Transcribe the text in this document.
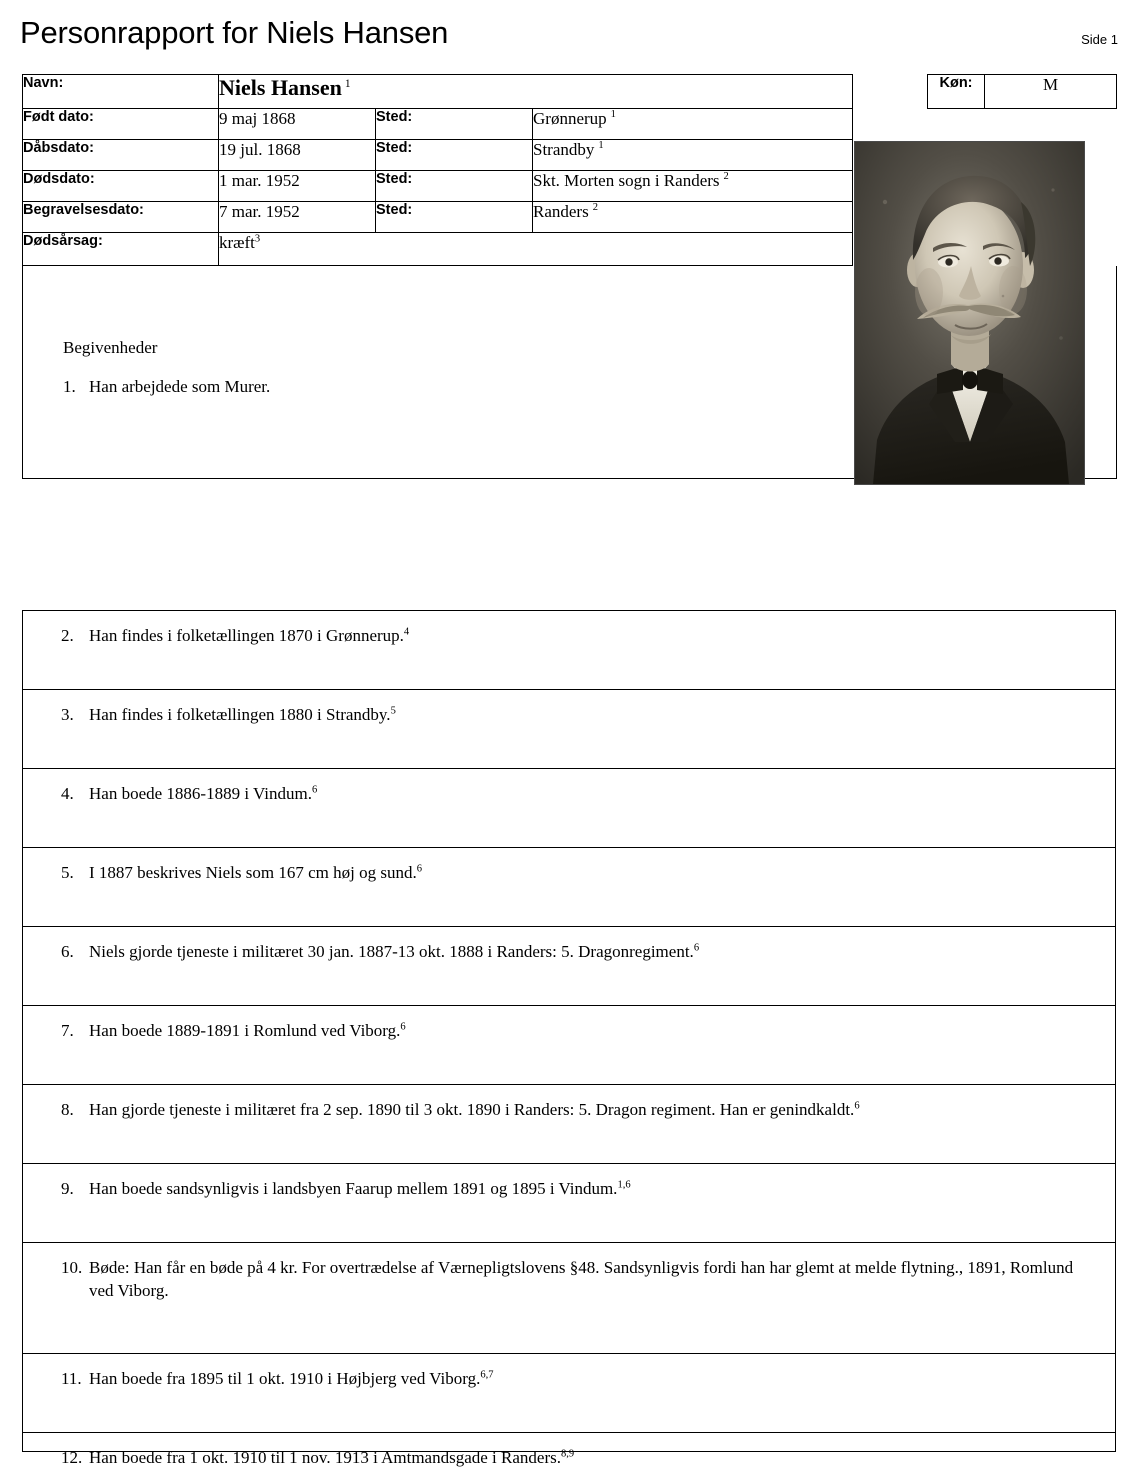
Personrapport for Niels Hansen	Side 1
Navn:	Niels Hansen $^1$				Køn:	M
Født dato:	9 maj 1868	Sted:	Grønnerup $^1$	

Dåbsdato:	19 jul. 1868	Sted:	Strandby $^1$
Dødsdato:	1 mar. 1952	Sted:	Skt. Morten sogn i Randers $^2$
Begravelsesdato:	7 mar. 1952	Sted:	Randers $^2$
Dødsårsag:	kræft$^3$

Begivenheder
1. Han arbejdede som Murer.						
2. Han findes i folketællingen 1870 i Grønnerup.$^4$

3. Han findes i folketællingen 1880 i Strandby.$^5$

4. Han boede 1886-1889 i Vindum.$^6$

5. I 1887 beskrives Niels som 167 cm høj og sund.$^6$

6. Niels gjorde tjeneste i militæret 30 jan. 1887-13 okt. 1888 i Randers: 5. Dragonregiment.$^6$

7. Han boede 1889-1891 i Romlund ved Viborg.$^6$

8. Han gjorde tjeneste i militæret fra 2 sep. 1890 til 3 okt. 1890 i Randers: 5. Dragon regiment. Han er genindkaldt.$^6$

9. Han boede sandsynligvis i landsbyen Faarup mellem 1891 og 1895 i Vindum.$^{1,6}$

10. Bøde: Han får en bøde på 4 kr. For overtrædelse af Værnepligtslovens §48. Sandsynligvis fordi han har glemt at melde flytning., 1891, Romlund ved Viborg.

11. Han boede fra 1895 til 1 okt. 1910 i Højbjerg ved Viborg.$^{6,7}$

12. Han boede fra 1 okt. 1910 til 1 nov. 1913 i Amtmandsgade i Randers.$^{8,9}$
